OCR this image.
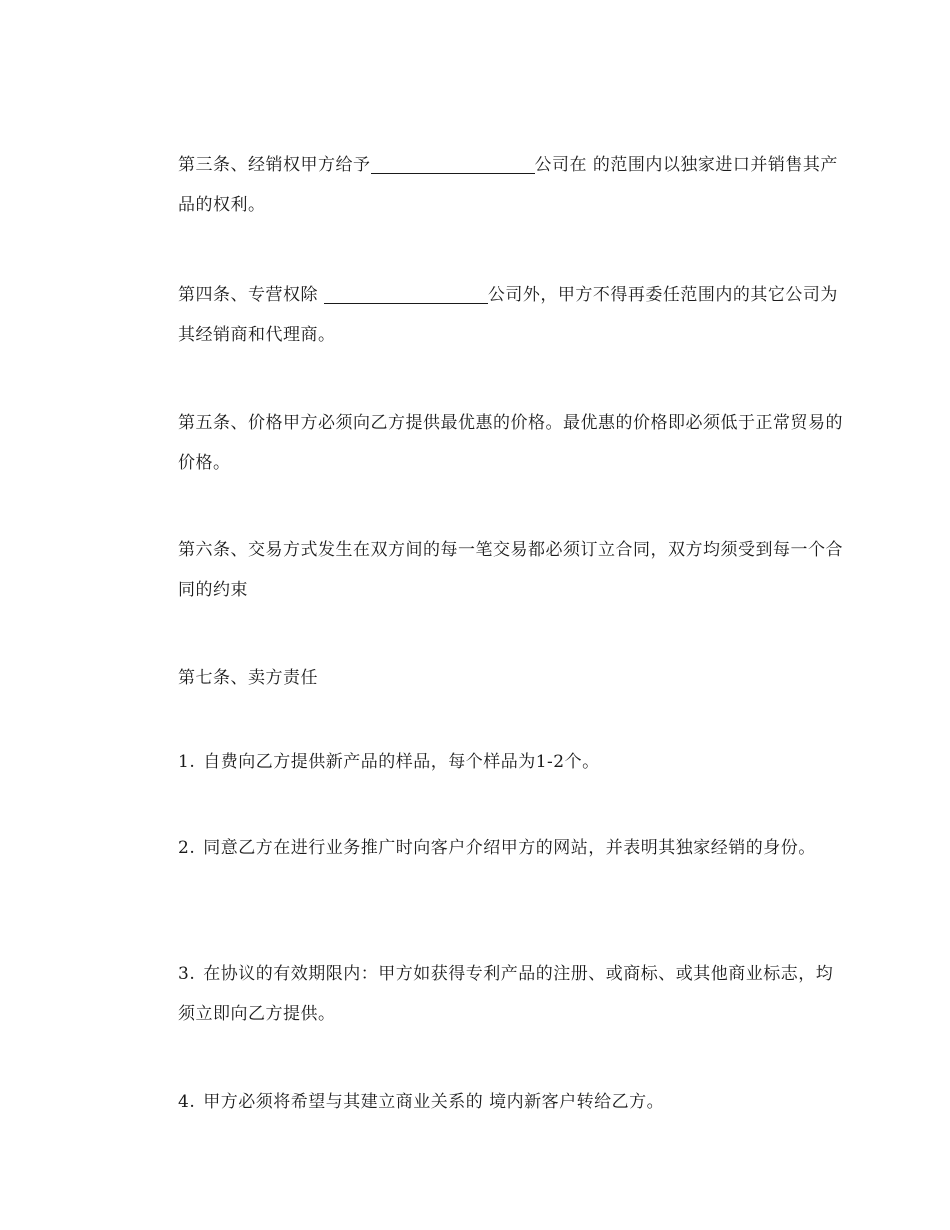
第三条、经销权甲方给予	公司在 的范围内以独家进口并销售其产品的权利。

第四条、专营权除	公司外，甲方不得再委任范围内的其它公司为其经销商和代理商。

第五条、价格甲方必须向乙方提供最优惠的价格。最优惠的价格即必须低于正常贸易的价格。

第六条、交易方式发生在双方间的每一笔交易都必须订立合同，双方均须受到每一个合同的约束

第七条、卖方责任

1. 自费向乙方提供新产品的样品，每个样品为1-2个。

2. 同意乙方在进行业务推广时向客户介绍甲方的网站，并表明其独家经销的身份。

3. 在协议的有效期限内：甲方如获得专利产品的注册、或商标、或其他商业标志，均须立即向乙方提供。

4. 甲方必须将希望与其建立商业关系的 境内新客户转给乙方。
